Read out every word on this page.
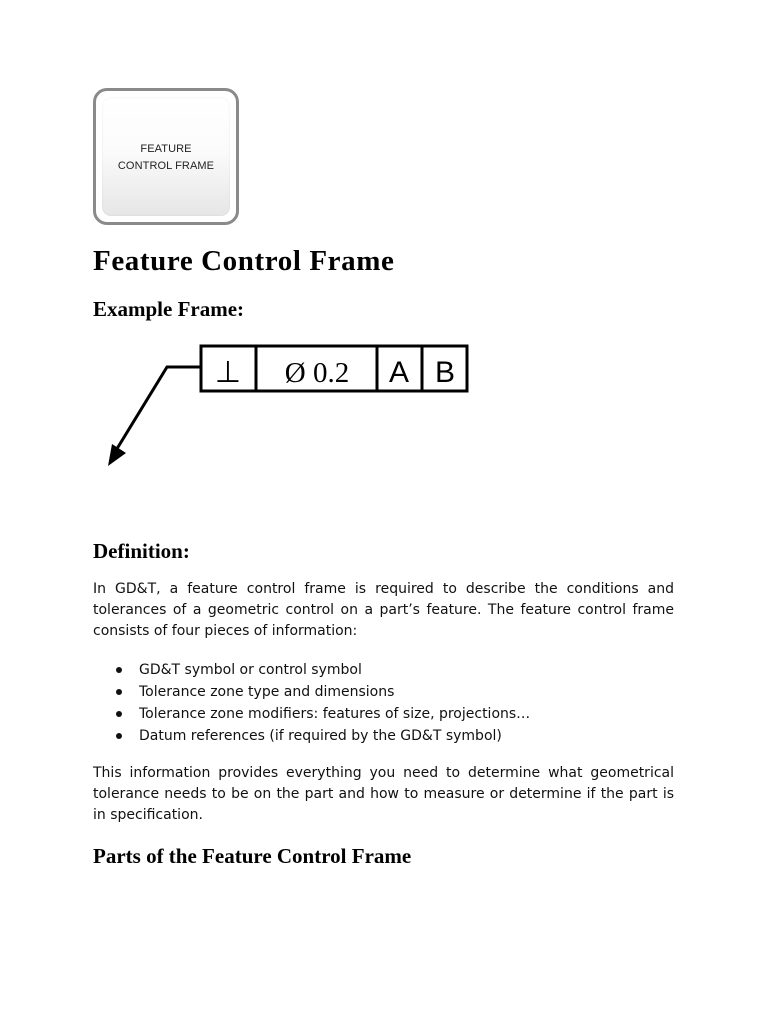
FEATURE
CONTROL FRAME
Feature Control Frame
Example Frame:
⊥ Ø 0.2 A B
Definition:

In GD&T, a feature control frame is required to describe the conditions and tolerances of a geometric control on a part’s feature. The feature control frame consists of four pieces of information:

GD&T symbol or control symbol
Tolerance zone type and dimensions
Tolerance zone modifiers: features of size, projections…
Datum references (if required by the GD&T symbol)

This information provides everything you need to determine what geometrical tolerance needs to be on the part and how to measure or determine if the part is in specification.

Parts of the Feature Control Frame
